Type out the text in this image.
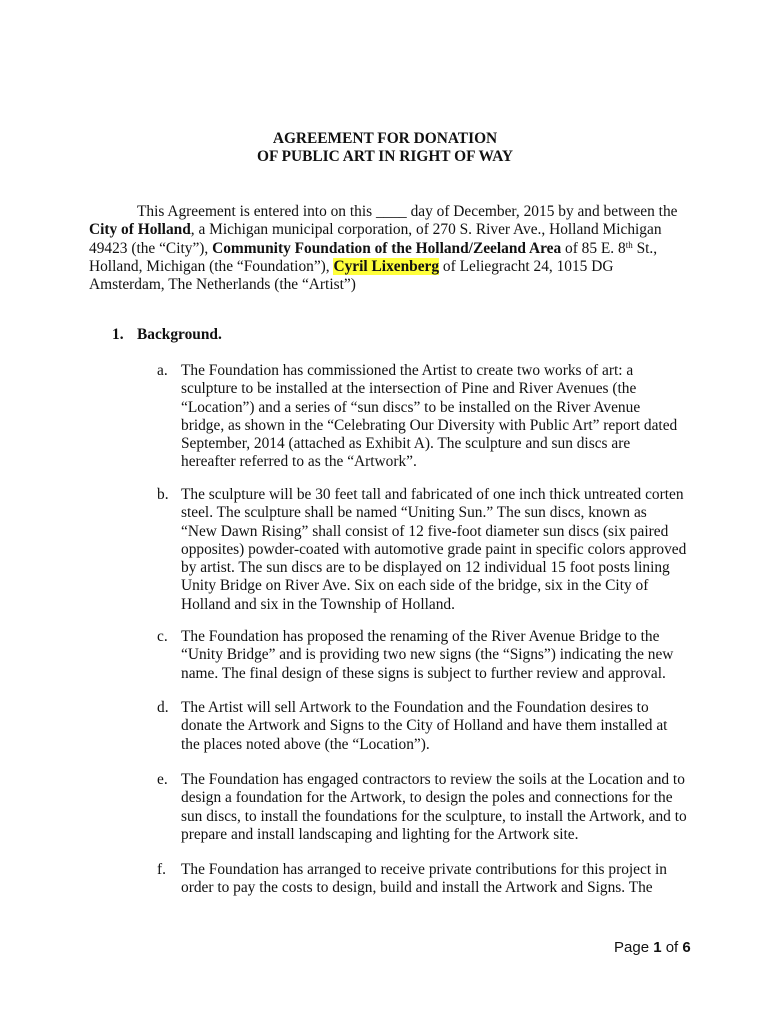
AGREEMENT FOR DONATION
OF PUBLIC ART IN RIGHT OF WAY
This Agreement is entered into on this ____ day of December, 2015 by and between the
City of Holland, a Michigan municipal corporation, of 270 S. River Ave., Holland Michigan
49423 (the “City”), Community Foundation of the Holland/Zeeland Area of 85 E. 8th St.,
Holland, Michigan (the “Foundation”), Cyril Lixenberg of Leliegracht 24, 1015 DG
Amsterdam, The Netherlands (the “Artist”)
1. Background.
a. The Foundation has commissioned the Artist to create two works of art: a
sculpture to be installed at the intersection of Pine and River Avenues (the
“Location”) and a series of “sun discs” to be installed on the River Avenue
bridge, as shown in the “Celebrating Our Diversity with Public Art” report dated
September, 2014 (attached as Exhibit A). The sculpture and sun discs are
hereafter referred to as the “Artwork”.
b. The sculpture will be 30 feet tall and fabricated of one inch thick untreated corten
steel. The sculpture shall be named “Uniting Sun.” The sun discs, known as
“New Dawn Rising” shall consist of 12 five-foot diameter sun discs (six paired
opposites) powder-coated with automotive grade paint in specific colors approved
by artist. The sun discs are to be displayed on 12 individual 15 foot posts lining
Unity Bridge on River Ave. Six on each side of the bridge, six in the City of
Holland and six in the Township of Holland.
c. The Foundation has proposed the renaming of the River Avenue Bridge to the
“Unity Bridge” and is providing two new signs (the “Signs”) indicating the new
name. The final design of these signs is subject to further review and approval.
d. The Artist will sell Artwork to the Foundation and the Foundation desires to
donate the Artwork and Signs to the City of Holland and have them installed at
the places noted above (the “Location”).
e. The Foundation has engaged contractors to review the soils at the Location and to
design a foundation for the Artwork, to design the poles and connections for the
sun discs, to install the foundations for the sculpture, to install the Artwork, and to
prepare and install landscaping and lighting for the Artwork site.
f. The Foundation has arranged to receive private contributions for this project in
order to pay the costs to design, build and install the Artwork and Signs. The
Page 1 of 6
